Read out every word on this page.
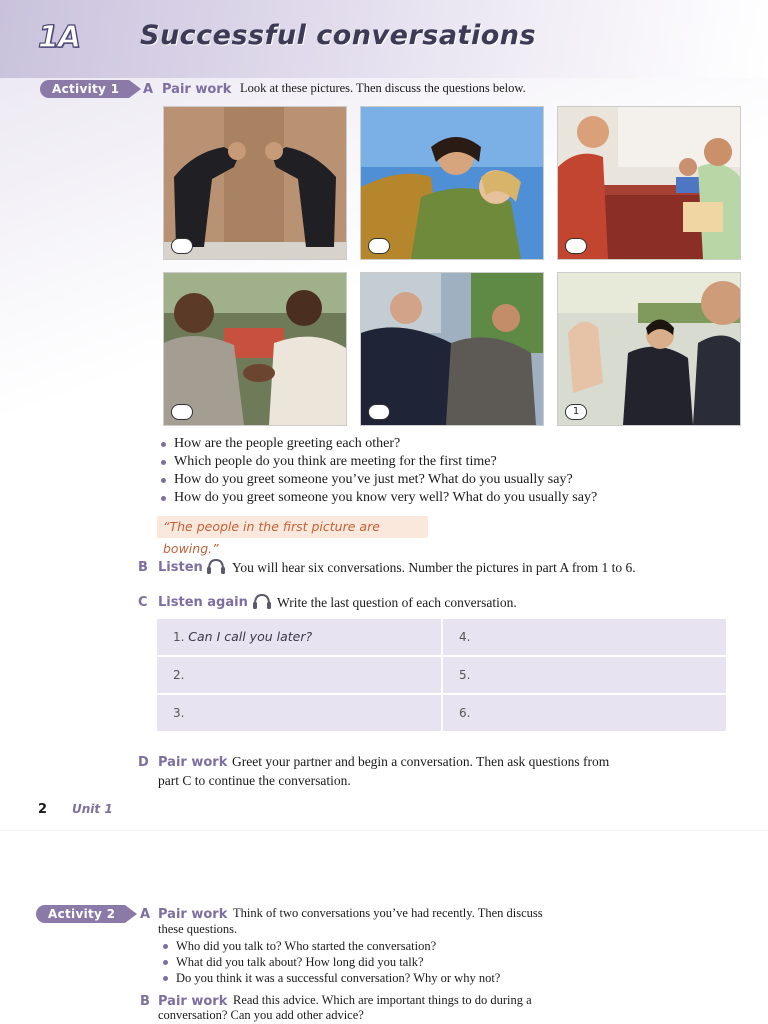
1A Successful conversations
Activity 1	A Pair work Look at these pictures. Then discuss the questions below.
1
How are the people greeting each other?
Which people do you think are meeting for the first time?
How do you greet someone you’ve just met? What do you usually say?
How do you greet someone you know very well? What do you usually say?
“The people in the first picture are bowing.”
B Listen You will hear six conversations. Number the pictures in part A from 1 to 6.
C Listen again Write the last question of each conversation.
1. Can I call you later?	4.
2.	5.
3.	6.
D Pair work Greet your partner and begin a conversation. Then ask questions from
part C to continue the conversation.
2 Unit 1
Activity 2	A Pair work Think of two conversations you’ve had recently. Then discuss
these questions.
Who did you talk to? Who started the conversation?
What did you talk about? How long did you talk?
Do you think it was a successful conversation? Why or why not?
B Pair work Read this advice. Which are important things to do during a
conversation? Can you add other advice?
